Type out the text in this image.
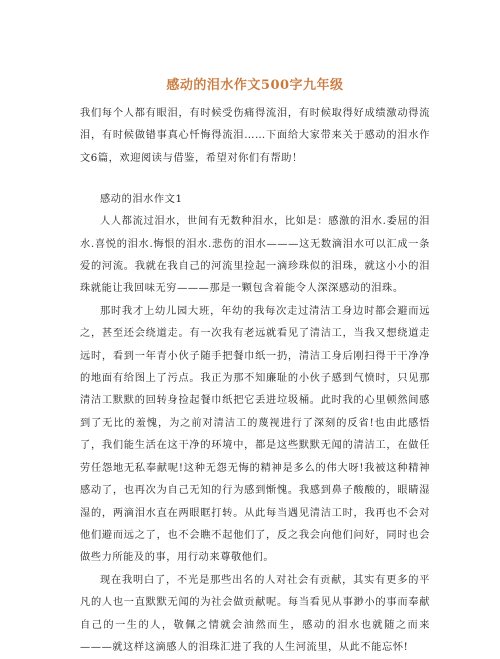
感动的泪水作文500字九年级

我们每个人都有眼泪，有时候受伤痛得流泪，有时候取得好成绩激动得流泪，有时候做错事真心忏悔得流泪……下面给大家带来关于感动的泪水作文6篇，欢迎阅读与借鉴，希望对你们有帮助！

感动的泪水作文1

人人都流过泪水，世间有无数种泪水，比如是：感激的泪水.委屈的泪水.喜悦的泪水.悔恨的泪水.悲伤的泪水———这无数滴泪水可以汇成一条爱的河流。我就在我自己的河流里捡起一滴珍珠似的泪珠，就这小小的泪珠就能让我回味无穷———那是一颗包含着能令人深深感动的泪珠。

那时我才上幼儿园大班，年幼的我每次走过清洁工身边时都会避而远之，甚至还会绕道走。有一次我有老远就看见了清洁工，当我又想绕道走远时，看到一年青小伙子随手把餐巾纸一扔，清洁工身后刚扫得干干净净的地面有给图上了污点。我正为那不知廉耻的小伙子感到气愤时，只见那清洁工默默的回转身捡起餐巾纸把它丢进垃圾桶。此时我的心里顿然间感到了无比的羞愧，为之前对清洁工的蔑视进行了深刻的反省!也由此感悟了，我们能生活在这干净的环境中，都是这些默默无闻的清洁工，在做任劳任怨地无私奉献呢!这种无怨无悔的精神是多么的伟大呀!我被这种精神感动了，也再次为自己无知的行为感到惭愧。我感到鼻子酸酸的，眼睛湿湿的，两滴泪水直在两眼眶打转。从此每当遇见清洁工时，我再也不会对他们避而远之了，也不会瞧不起他们了，反之我会向他们问好，同时也会做些力所能及的事，用行动来尊敬他们。

现在我明白了，不光是那些出名的人对社会有贡献，其实有更多的平凡的人也一直默默无闻的为社会做贡献呢。每当看见从事渺小的事而奉献自己的一生的人，敬佩之情就会油然而生，感动的泪水也就随之而来———就这样这滴感人的泪珠汇进了我的人生河流里，从此不能忘怀!
